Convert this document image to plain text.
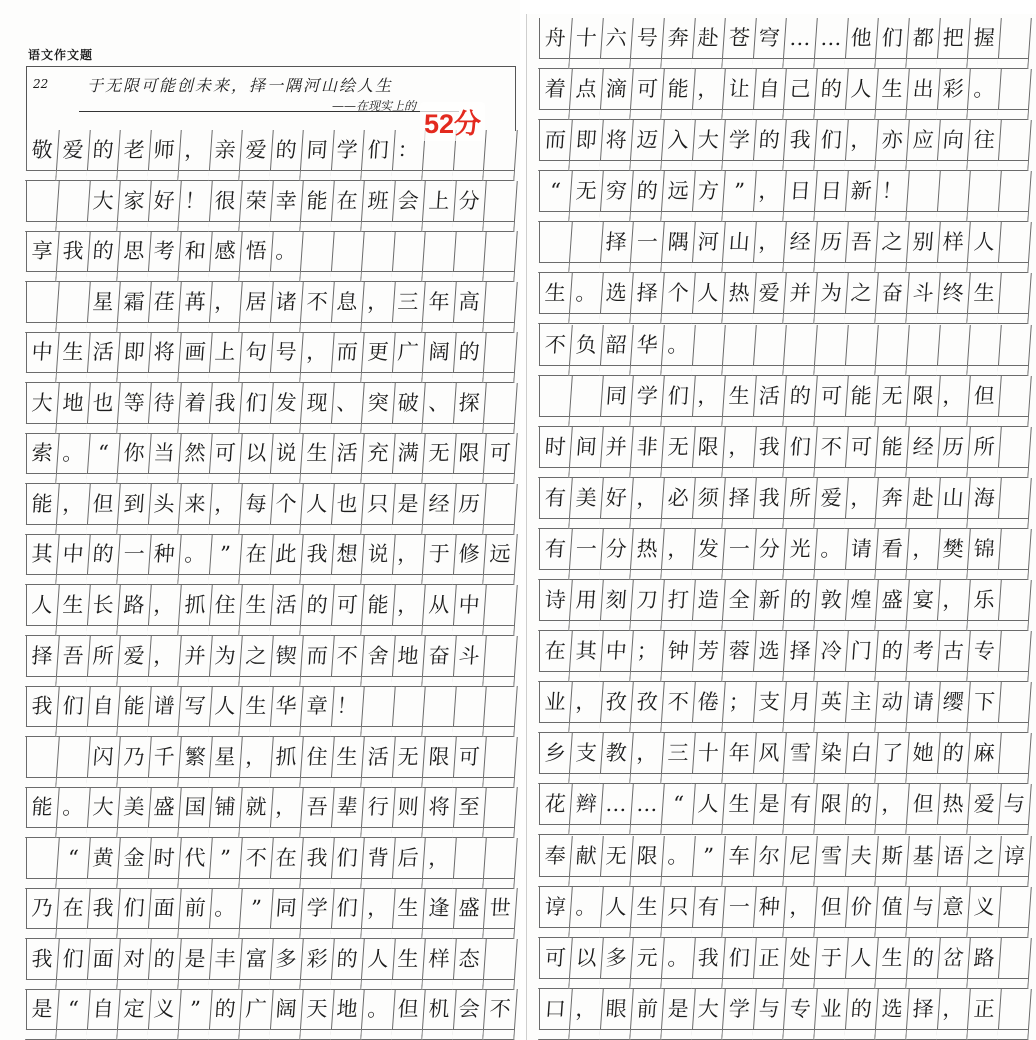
语文作文题
22 于无限可能创未来，择一隅河山绘人生
——在现实上的
52分
敬 爱 的 老 师 ， 亲 爱 的 同 学 们 ：
大 家 好 ！ 很 荣 幸 能 在 班 会 上 分
享 我 的 思 考 和 感 悟 。
星 霜 荏 苒 ， 居 诸 不 息 ， 三 年 高
中 生 活 即 将 画 上 句 号 ， 而 更 广 阔 的
大 地 也 等 待 着 我 们 发 现 、 突 破 、 探
索 。 “ 你 当 然 可 以 说 生 活 充 满 无 限 可
能 ， 但 到 头 来 ， 每 个 人 也 只 是 经 历
其 中 的 一 种 。 ” 在 此 我 想 说 ， 于 修 远
人 生 长 路 ， 抓 住 生 活 的 可 能 ， 从 中
择 吾 所 爱 ， 并 为 之 锲 而 不 舍 地 奋 斗
我 们 自 能 谱 写 人 生 华 章 ！
闪 乃 千 繁 星 ， 抓 住 生 活 无 限 可
能 。 大 美 盛 国 铺 就 ， 吾 辈 行 则 将 至
“ 黄 金 时 代 ” 不 在 我 们 背 后 ，
乃 在 我 们 面 前 。 ” 同 学 们 ， 生 逢 盛 世
我 们 面 对 的 是 丰 富 多 彩 的 人 生 样 态
是 “ 自 定 义 ” 的 广 阔 天 地 。 但 机 会 不
舟 十 六 号 奔 赴 苍 穹 … … 他 们 都 把 握
着 点 滴 可 能 ， 让 自 己 的 人 生 出 彩 。
而 即 将 迈 入 大 学 的 我 们 ， 亦 应 向 往
“ 无 穷 的 远 方 ” ， 日 日 新 ！
择 一 隅 河 山 ， 经 历 吾 之 别 样 人
生 。 选 择 个 人 热 爱 并 为 之 奋 斗 终 生
不 负 韶 华 。
同 学 们 ， 生 活 的 可 能 无 限 ， 但
时 间 并 非 无 限 ， 我 们 不 可 能 经 历 所
有 美 好 ， 必 须 择 我 所 爱 ， 奔 赴 山 海
有 一 分 热 ， 发 一 分 光 。 请 看 ， 樊 锦
诗 用 刻 刀 打 造 全 新 的 敦 煌 盛 宴 ， 乐
在 其 中 ； 钟 芳 蓉 选 择 冷 门 的 考 古 专
业 ， 孜 孜 不 倦 ； 支 月 英 主 动 请 缨 下
乡 支 教 ， 三 十 年 风 雪 染 白 了 她 的 麻
花 辫 … … “ 人 生 是 有 限 的 ， 但 热 爱 与
奉 献 无 限 。 ” 车 尔 尼 雪 夫 斯 基 语 之 谆
谆 。 人 生 只 有 一 种 ， 但 价 值 与 意 义
可 以 多 元 。 我 们 正 处 于 人 生 的 岔 路
口 ， 眼 前 是 大 学 与 专 业 的 选 择 ， 正
